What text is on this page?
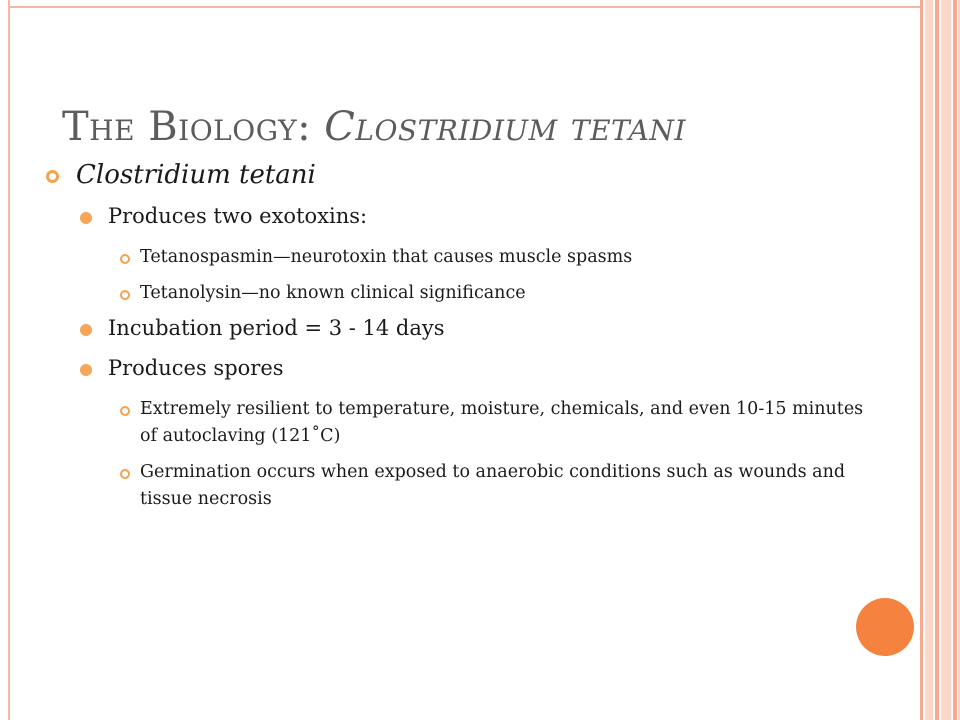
The Biology: Clostridium tetani
Clostridium tetani
Produces two exotoxins:
Tetanospasmin—neurotoxin that causes muscle spasms
Tetanolysin—no known clinical significance
Incubation period = 3 - 14 days
Produces spores
Extremely resilient to temperature, moisture, chemicals, and even 10-15 minutes of autoclaving (121˚C)
Germination occurs when exposed to anaerobic conditions such as wounds and tissue necrosis
